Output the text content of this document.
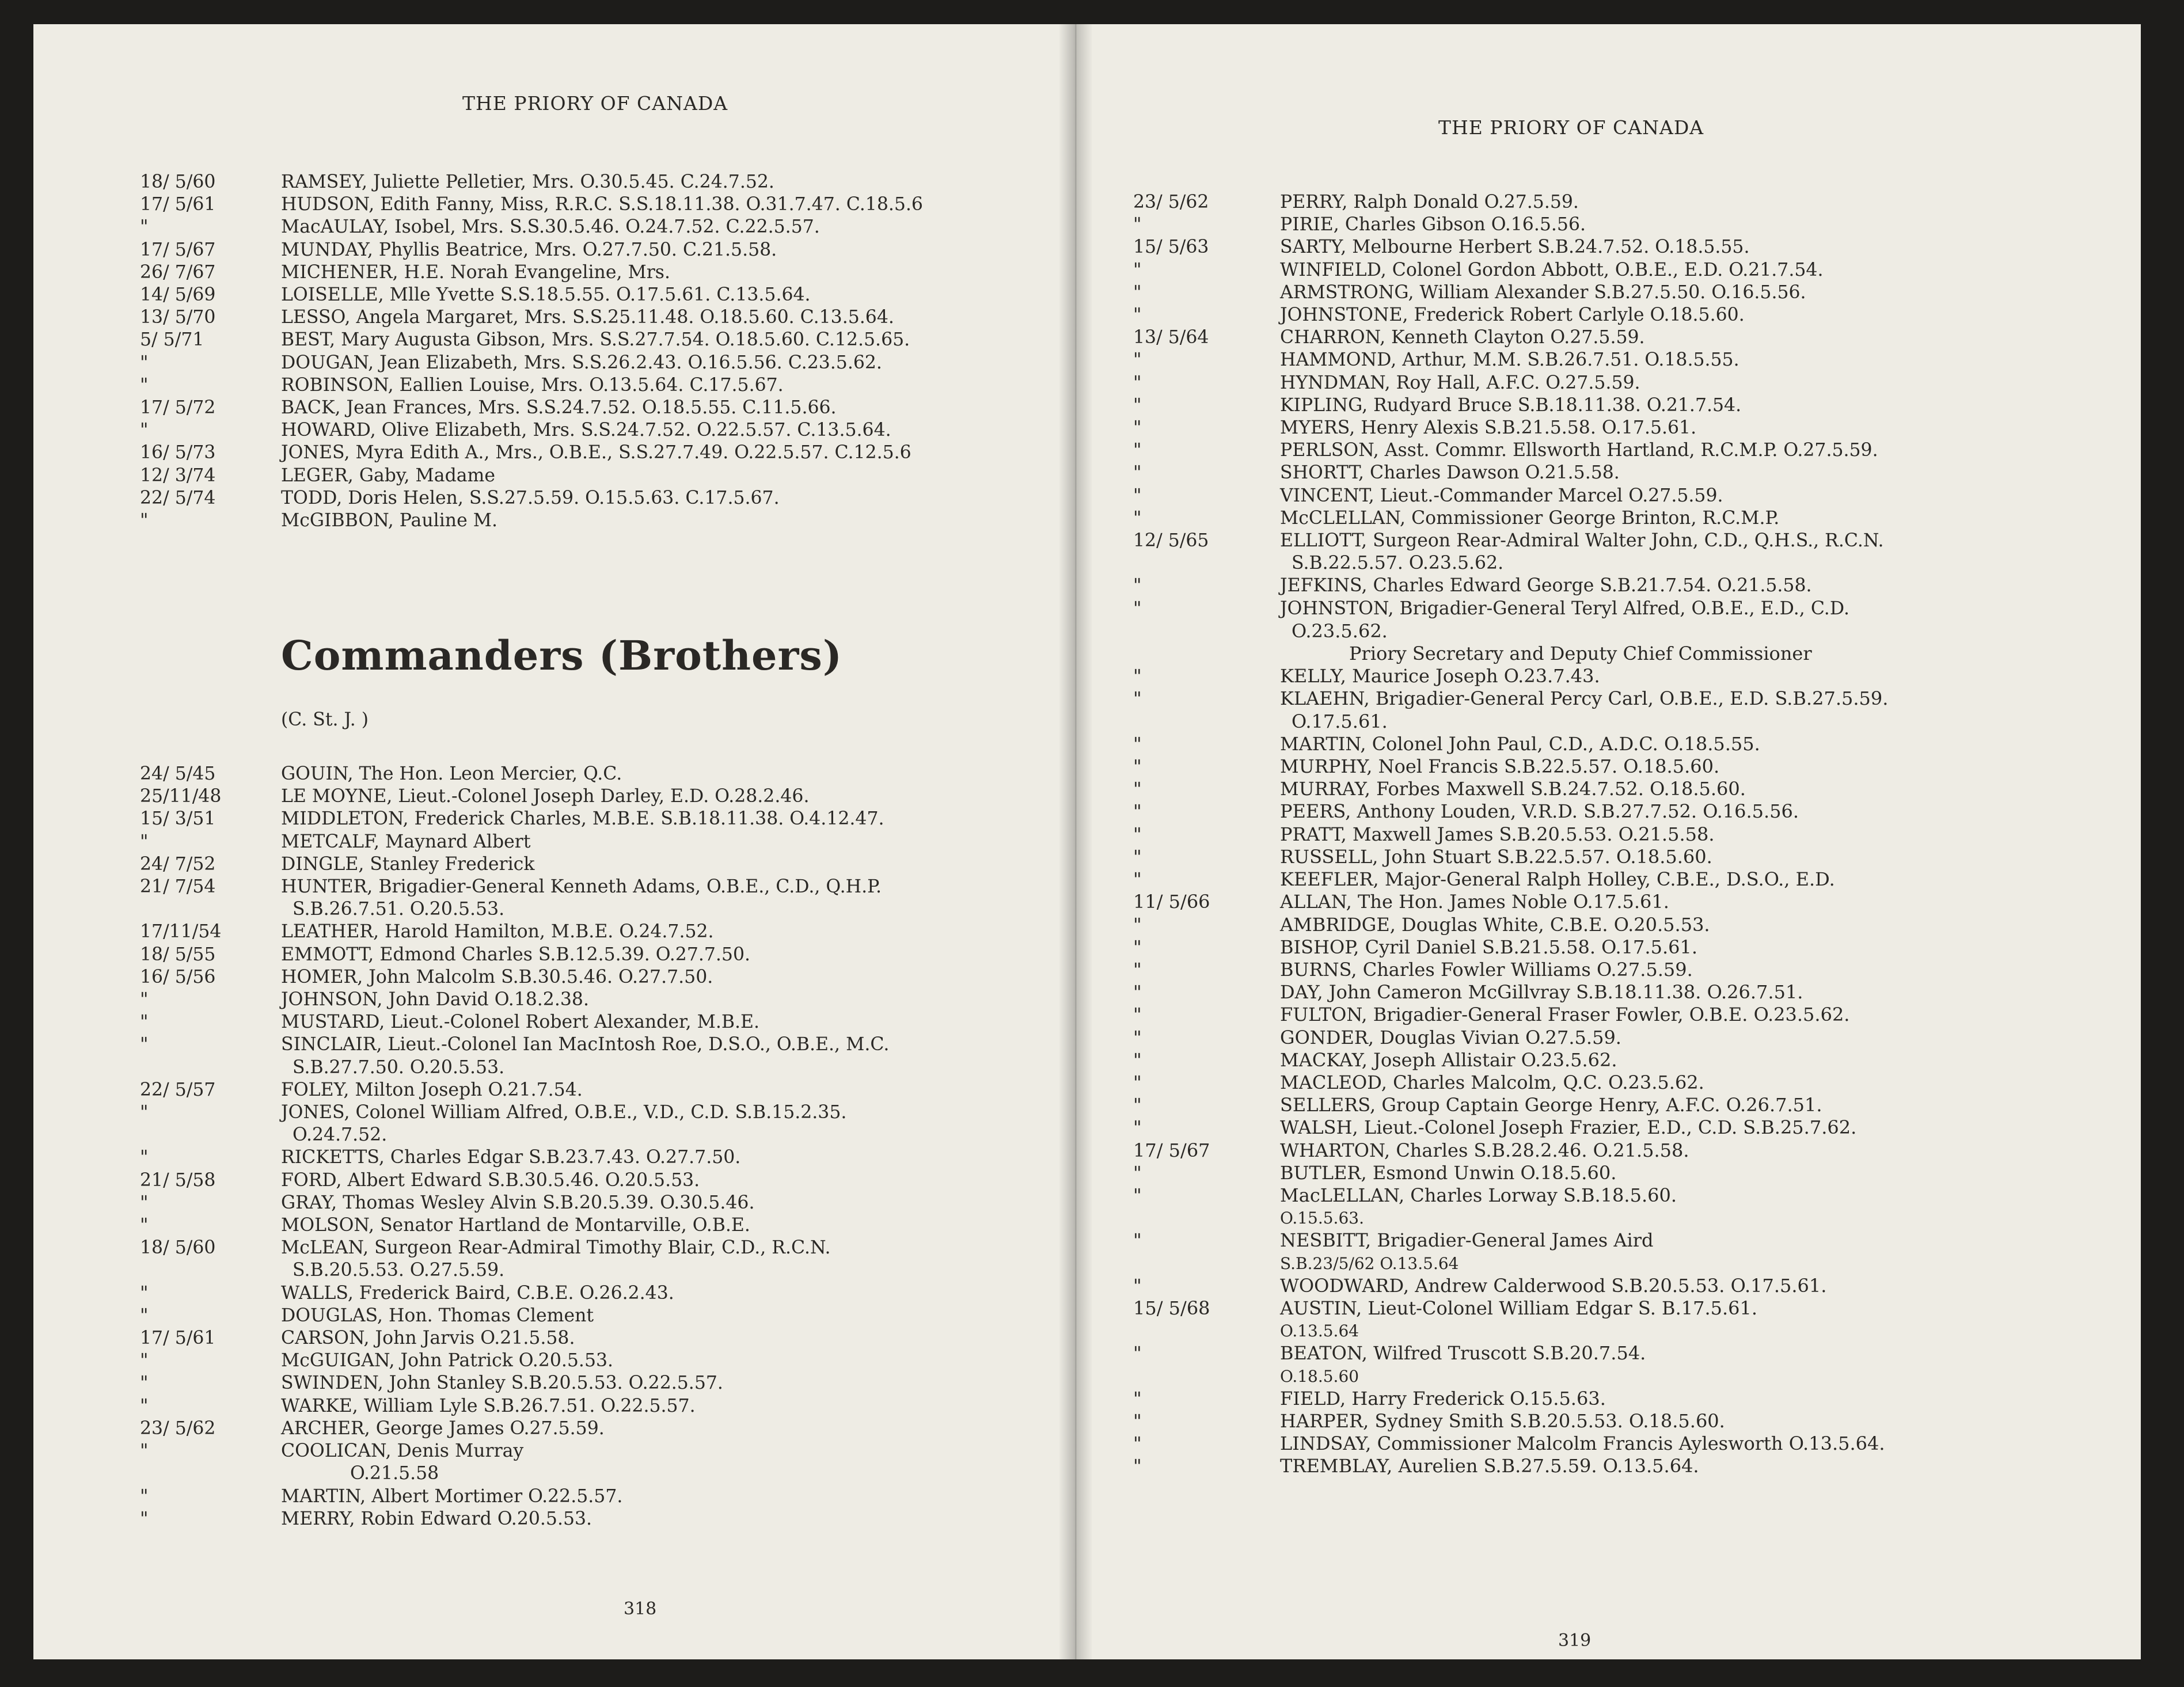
THE PRIORY OF CANADA
18/ 5/60	RAMSEY, Juliette Pelletier, Mrs. O.30.5.45. C.24.7.52.
17/ 5/61	HUDSON, Edith Fanny, Miss, R.R.C. S.S.18.11.38. O.31.7.47. C.18.5.6
"	MacAULAY, Isobel, Mrs. S.S.30.5.46. O.24.7.52. C.22.5.57.
17/ 5/67	MUNDAY, Phyllis Beatrice, Mrs. O.27.7.50. C.21.5.58.
26/ 7/67	MICHENER, H.E. Norah Evangeline, Mrs.
14/ 5/69	LOISELLE, Mlle Yvette S.S.18.5.55. O.17.5.61. C.13.5.64.
13/ 5/70	LESSO, Angela Margaret, Mrs. S.S.25.11.48. O.18.5.60. C.13.5.64.
5/ 5/71	BEST, Mary Augusta Gibson, Mrs. S.S.27.7.54. O.18.5.60. C.12.5.65.
"	DOUGAN, Jean Elizabeth, Mrs. S.S.26.2.43. O.16.5.56. C.23.5.62.
"	ROBINSON, Eallien Louise, Mrs. O.13.5.64. C.17.5.67.
17/ 5/72	BACK, Jean Frances, Mrs. S.S.24.7.52. O.18.5.55. C.11.5.66.
"	HOWARD, Olive Elizabeth, Mrs. S.S.24.7.52. O.22.5.57. C.13.5.64.
16/ 5/73	JONES, Myra Edith A., Mrs., O.B.E., S.S.27.7.49. O.22.5.57. C.12.5.6
12/ 3/74	LEGER, Gaby, Madame
22/ 5/74	TODD, Doris Helen, S.S.27.5.59. O.15.5.63. C.17.5.67.
"	McGIBBON, Pauline M.
Commanders (Brothers)
(C. St. J. )
24/ 5/45	GOUIN, The Hon. Leon Mercier, Q.C.
25/11/48	LE MOYNE, Lieut.-Colonel Joseph Darley, E.D. O.28.2.46.
15/ 3/51	MIDDLETON, Frederick Charles, M.B.E. S.B.18.11.38. O.4.12.47.
"	METCALF, Maynard Albert
24/ 7/52	DINGLE, Stanley Frederick
21/ 7/54	HUNTER, Brigadier-General Kenneth Adams, O.B.E., C.D., Q.H.P.
S.B.26.7.51. O.20.5.53.
17/11/54	LEATHER, Harold Hamilton, M.B.E. O.24.7.52.
18/ 5/55	EMMOTT, Edmond Charles S.B.12.5.39. O.27.7.50.
16/ 5/56	HOMER, John Malcolm S.B.30.5.46. O.27.7.50.
"	JOHNSON, John David O.18.2.38.
"	MUSTARD, Lieut.-Colonel Robert Alexander, M.B.E.
"	SINCLAIR, Lieut.-Colonel Ian MacIntosh Roe, D.S.O., O.B.E., M.C.
S.B.27.7.50. O.20.5.53.
22/ 5/57	FOLEY, Milton Joseph O.21.7.54.
"	JONES, Colonel William Alfred, O.B.E., V.D., C.D. S.B.15.2.35.
O.24.7.52.
"	RICKETTS, Charles Edgar S.B.23.7.43. O.27.7.50.
21/ 5/58	FORD, Albert Edward S.B.30.5.46. O.20.5.53.
"	GRAY, Thomas Wesley Alvin S.B.20.5.39. O.30.5.46.
"	MOLSON, Senator Hartland de Montarville, O.B.E.
18/ 5/60	McLEAN, Surgeon Rear-Admiral Timothy Blair, C.D., R.C.N.
S.B.20.5.53. O.27.5.59.
"	WALLS, Frederick Baird, C.B.E. O.26.2.43.
"	DOUGLAS, Hon. Thomas Clement
17/ 5/61	CARSON, John Jarvis O.21.5.58.
"	McGUIGAN, John Patrick O.20.5.53.
"	SWINDEN, John Stanley S.B.20.5.53. O.22.5.57.
"	WARKE, William Lyle S.B.26.7.51. O.22.5.57.
23/ 5/62	ARCHER, George James O.27.5.59.
"	COOLICAN, Denis Murray
O.21.5.58
"	MARTIN, Albert Mortimer O.22.5.57.
"	MERRY, Robin Edward O.20.5.53.
318
THE PRIORY OF CANADA
23/ 5/62	PERRY, Ralph Donald O.27.5.59.
"	PIRIE, Charles Gibson O.16.5.56.
15/ 5/63	SARTY, Melbourne Herbert S.B.24.7.52. O.18.5.55.
"	WINFIELD, Colonel Gordon Abbott, O.B.E., E.D. O.21.7.54.
"	ARMSTRONG, William Alexander S.B.27.5.50. O.16.5.56.
"	JOHNSTONE, Frederick Robert Carlyle O.18.5.60.
13/ 5/64	CHARRON, Kenneth Clayton O.27.5.59.
"	HAMMOND, Arthur, M.M. S.B.26.7.51. O.18.5.55.
"	HYNDMAN, Roy Hall, A.F.C. O.27.5.59.
"	KIPLING, Rudyard Bruce S.B.18.11.38. O.21.7.54.
"	MYERS, Henry Alexis S.B.21.5.58. O.17.5.61.
"	PERLSON, Asst. Commr. Ellsworth Hartland, R.C.M.P. O.27.5.59.
"	SHORTT, Charles Dawson O.21.5.58.
"	VINCENT, Lieut.-Commander Marcel O.27.5.59.
"	McCLELLAN, Commissioner George Brinton, R.C.M.P.
12/ 5/65	ELLIOTT, Surgeon Rear-Admiral Walter John, C.D., Q.H.S., R.C.N.
S.B.22.5.57. O.23.5.62.
"	JEFKINS, Charles Edward George S.B.21.7.54. O.21.5.58.
"	JOHNSTON, Brigadier-General Teryl Alfred, O.B.E., E.D., C.D.
O.23.5.62.
Priory Secretary and Deputy Chief Commissioner
"	KELLY, Maurice Joseph O.23.7.43.
"	KLAEHN, Brigadier-General Percy Carl, O.B.E., E.D. S.B.27.5.59.
O.17.5.61.
"	MARTIN, Colonel John Paul, C.D., A.D.C. O.18.5.55.
"	MURPHY, Noel Francis S.B.22.5.57. O.18.5.60.
"	MURRAY, Forbes Maxwell S.B.24.7.52. O.18.5.60.
"	PEERS, Anthony Louden, V.R.D. S.B.27.7.52. O.16.5.56.
"	PRATT, Maxwell James S.B.20.5.53. O.21.5.58.
"	RUSSELL, John Stuart S.B.22.5.57. O.18.5.60.
"	KEEFLER, Major-General Ralph Holley, C.B.E., D.S.O., E.D.
11/ 5/66	ALLAN, The Hon. James Noble O.17.5.61.
"	AMBRIDGE, Douglas White, C.B.E. O.20.5.53.
"	BISHOP, Cyril Daniel S.B.21.5.58. O.17.5.61.
"	BURNS, Charles Fowler Williams O.27.5.59.
"	DAY, John Cameron McGillvray S.B.18.11.38. O.26.7.51.
"	FULTON, Brigadier-General Fraser Fowler, O.B.E. O.23.5.62.
"	GONDER, Douglas Vivian O.27.5.59.
"	MACKAY, Joseph Allistair O.23.5.62.
"	MACLEOD, Charles Malcolm, Q.C. O.23.5.62.
"	SELLERS, Group Captain George Henry, A.F.C. O.26.7.51.
"	WALSH, Lieut.-Colonel Joseph Frazier, E.D., C.D. S.B.25.7.62.
17/ 5/67	WHARTON, Charles S.B.28.2.46. O.21.5.58.
"	BUTLER, Esmond Unwin O.18.5.60.
"	MacLELLAN, Charles Lorway S.B.18.5.60.
O.15.5.63.
"	NESBITT, Brigadier-General James Aird
S.B.23/5/62 O.13.5.64
"	WOODWARD, Andrew Calderwood S.B.20.5.53. O.17.5.61.
15/ 5/68	AUSTIN, Lieut-Colonel William Edgar S. B.17.5.61.
O.13.5.64
"	BEATON, Wilfred Truscott S.B.20.7.54.
O.18.5.60
"	FIELD, Harry Frederick O.15.5.63.
"	HARPER, Sydney Smith S.B.20.5.53. O.18.5.60.
"	LINDSAY, Commissioner Malcolm Francis Aylesworth O.13.5.64.
"	TREMBLAY, Aurelien S.B.27.5.59. O.13.5.64.
319
